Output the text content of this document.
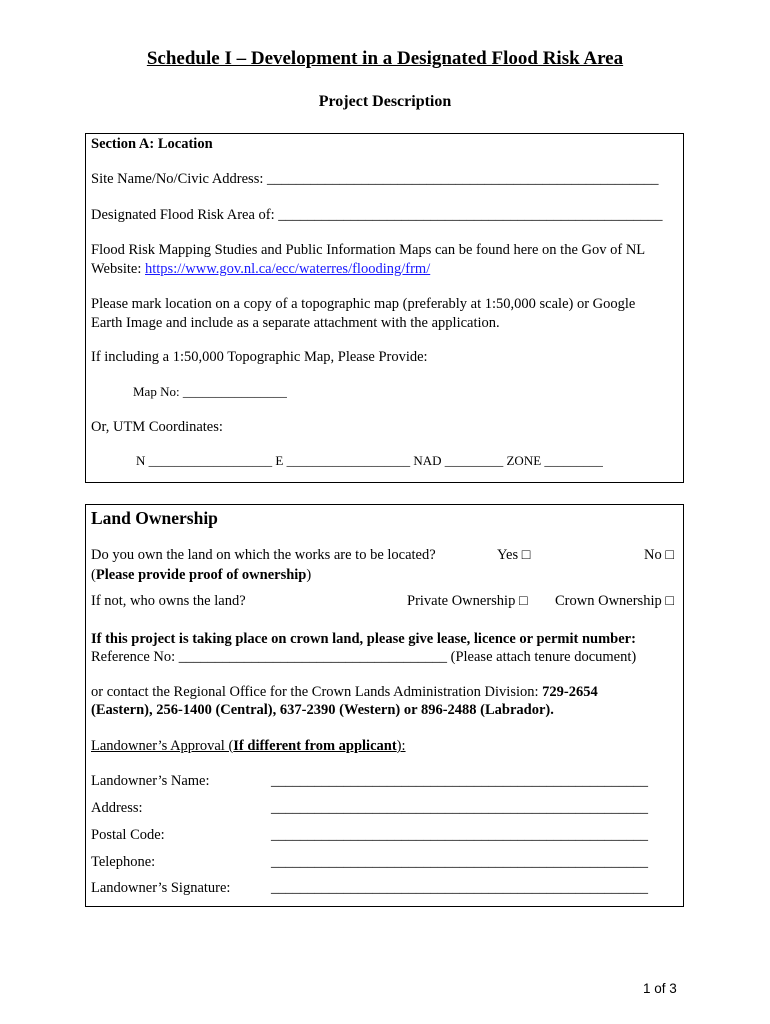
Schedule I – Development in a Designated Flood Risk Area
Project Description
Section A: Location
Site Name/No/Civic Address: ______________________________________________________
Designated Flood Risk Area of: _____________________________________________________
Flood Risk Mapping Studies and Public Information Maps can be found here on the Gov of NL
Website: https://www.gov.nl.ca/ecc/waterres/flooding/frm/
Please mark location on a copy of a topographic map (preferably at 1:50,000 scale) or Google
Earth Image and include as a separate attachment with the application.
If including a 1:50,000 Topographic Map, Please Provide:
Map No: ________________
Or, UTM Coordinates:
N ___________________ E ___________________ NAD _________ ZONE _________
Land Ownership
Do you own the land on which the works are to be located?	Yes □	No □
(Please provide proof of ownership)
If not, who owns the land?	Private Ownership □ Crown Ownership □
If this project is taking place on crown land, please give lease, licence or permit number:
Reference No: _____________________________________ (Please attach tenure document)
or contact the Regional Office for the Crown Lands Administration Division: 729-2654
(Eastern), 256-1400 (Central), 637-2390 (Western) or 896-2488 (Labrador).
Landowner’s Approval (If different from applicant):
Landowner’s Name:	____________________________________________________
Address:	____________________________________________________
Postal Code:	____________________________________________________
Telephone:	____________________________________________________
Landowner’s Signature:	____________________________________________________
1 of 3
